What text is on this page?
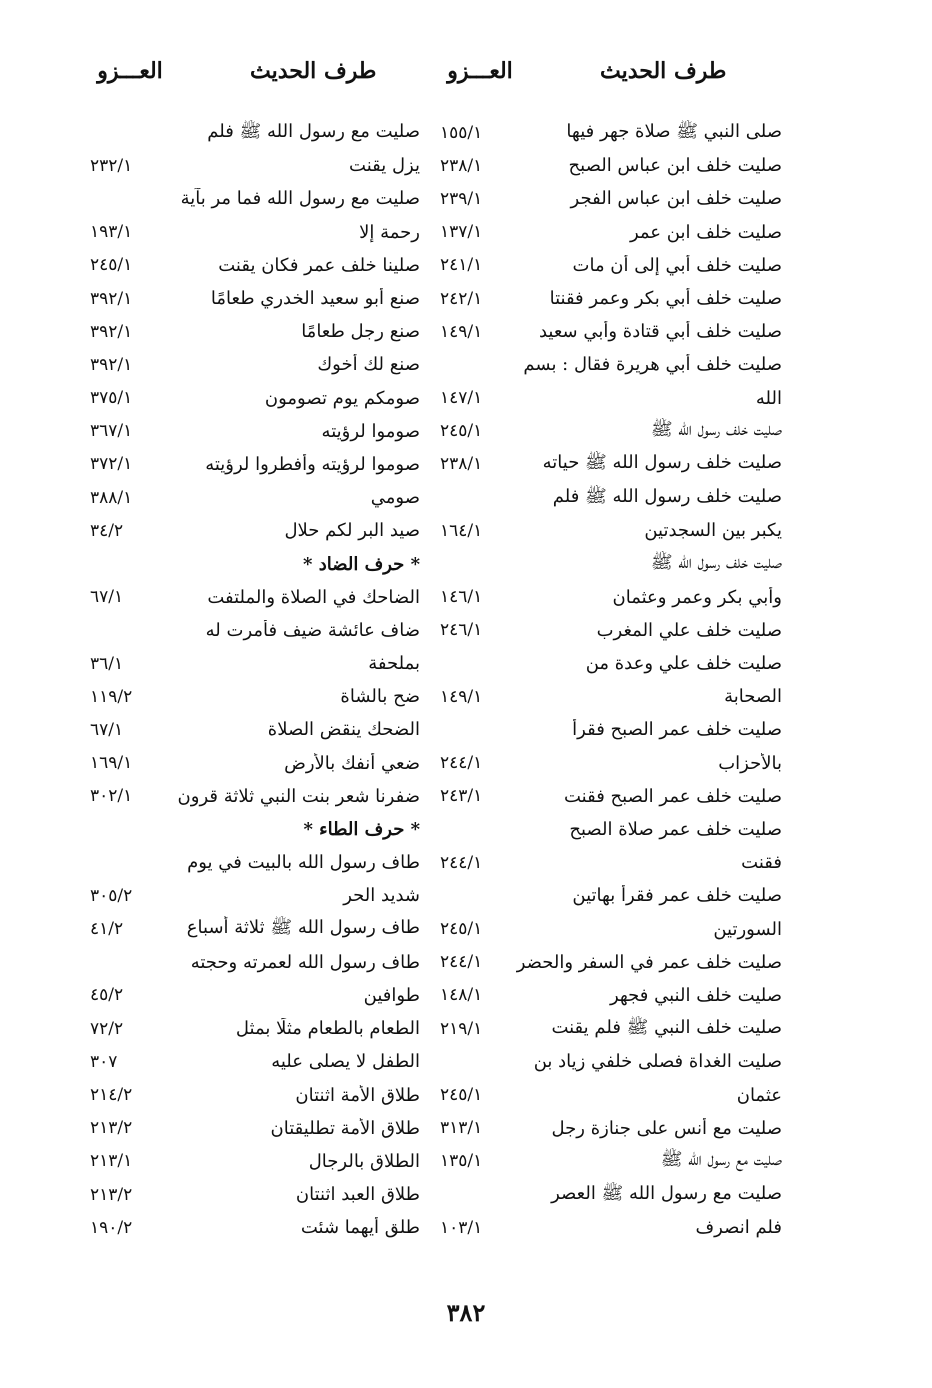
طرف الحديث
العـــزو
طرف الحديث
العـــزو
صلى النبي ﷺ صلاة جهر فيها
١٥٥/١
صليت خلف ابن عباس الصبح
٢٣٨/١
صليت خلف ابن عباس الفجر
٢٣٩/١
صليت خلف ابن عمر
١٣٧/١
صليت خلف أبي إلى أن مات
٢٤١/١
صليت خلف أبي بكر وعمر فقنتا
٢٤٢/١
صليت خلف أبي قتادة وأبي سعيد
١٤٩/١
صليت خلف أبي هريرة فقال : بسم
الله
١٤٧/١
صليت خلف رسول الله ﷺ
٢٤٥/١
صليت خلف رسول الله ﷺ حياته
٢٣٨/١
صليت خلف رسول الله ﷺ فلم
يكبر بين السجدتين
١٦٤/١
صليت خلف رسول الله ﷺ
وأبي بكر وعمر وعثمان
١٤٦/١
صليت خلف علي المغرب
٢٤٦/١
صليت خلف علي وعدة من
الصحابة
١٤٩/١
صليت خلف عمر الصبح فقرأ
بالأحزاب
٢٤٤/١
صليت خلف عمر الصبح فقنت
٢٤٣/١
صليت خلف عمر صلاة الصبح
فقنت
٢٤٤/١
صليت خلف عمر فقرأ بهاتين
السورتين
٢٤٥/١
صليت خلف عمر في السفر والحضر
٢٤٤/١
صليت خلف النبي فجهر
١٤٨/١
صليت خلف النبي ﷺ فلم يقنت
٢١٩/١
صليت الغداة فصلى خلفي زياد بن
عثمان
٢٤٥/١
صليت مع أنس على جنازة رجل
٣١٣/١
صليت مع رسول الله ﷺ
١٣٥/١
صليت مع رسول الله ﷺ العصر
فلم انصرف
١٠٣/١
صليت مع رسول الله ﷺ فلم
يزل يقنت
٢٣٢/١
صليت مع رسول الله فما مر بآية
رحمة إلا
١٩٣/١
صلينا خلف عمر فكان يقنت
٢٤٥/١
صنع أبو سعيد الخدري طعامًا
٣٩٢/١
صنع رجل طعامًا
٣٩٢/١
صنع لك أخوك
٣٩٢/١
صومكم يوم تصومون
٣٧٥/١
صوموا لرؤيته
٣٦٧/١
صوموا لرؤيته وأفطروا لرؤيته
٣٧٢/١
صومي
٣٨٨/١
صيد البر لكم حلال
٣٤/٢
* حرف الضاد *
الضاحك في الصلاة والملتفت
٦٧/١
ضاف عائشة ضيف فأمرت له
بملحفة
٣٦/١
ضح بالشاة
١١٩/٢
الضحك ينقض الصلاة
٦٧/١
ضعي أنفك بالأرض
١٦٩/١
ضفرنا شعر بنت النبي ثلاثة قرون
٣٠٢/١
* حرف الطاء *
طاف رسول الله بالبيت في يوم
شديد الحر
٣٠٥/٢
طاف رسول الله ﷺ ثلاثة أسباع
٤١/٢
طاف رسول الله لعمرته وحجته
طوافين
٤٥/٢
الطعام بالطعام مثلًا بمثل
٧٢/٢
الطفل لا يصلى عليه
٣٠٧
طلاق الأمة اثنتان
٢١٤/٢
طلاق الأمة تطليقتان
٢١٣/٢
الطلاق بالرجال
٢١٣/١
طلاق العبد اثنتان
٢١٣/٢
طلق أيهما شئت
١٩٠/٢
٣٨٢
